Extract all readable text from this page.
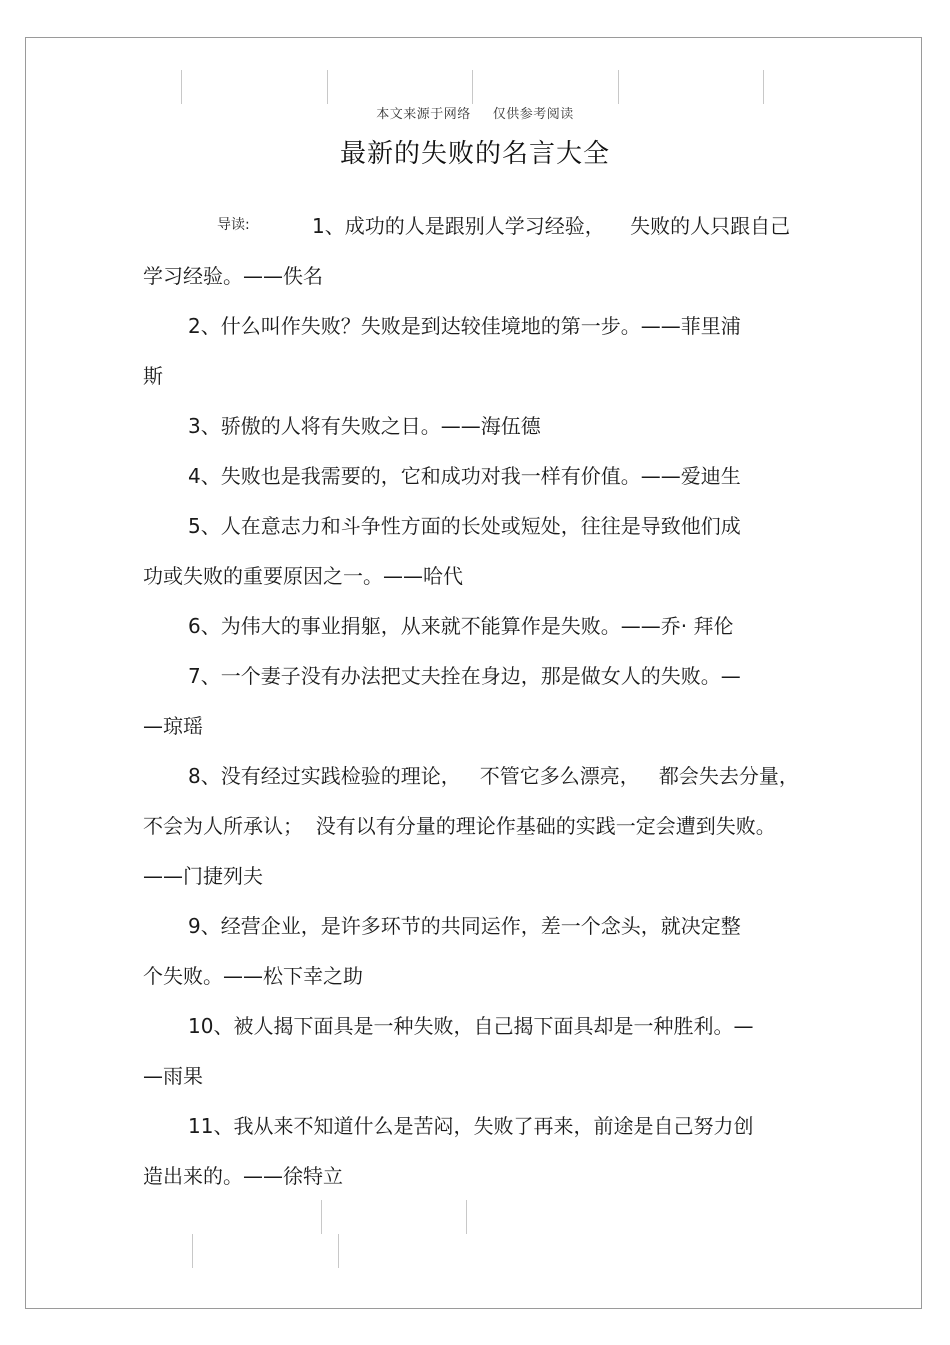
本文来源于网络 仅供参考阅读
最新的失败的名言大全
导读:	1、成功的人是跟别人学习经验，    失败的人只跟自己
学习经验。——佚名
2、什么叫作失败？失败是到达较佳境地的第一步。——菲里浦
斯
3、骄傲的人将有失败之日。——海伍德
4、失败也是我需要的，它和成功对我一样有价值。——爱迪生
5、人在意志力和斗争性方面的长处或短处，往往是导致他们成
功或失败的重要原因之一。——哈代
6、为伟大的事业捐躯，从来就不能算作是失败。——乔· 拜伦
7、一个妻子没有办法把丈夫拴在身边，那是做女人的失败。—
—琼瑶
8、没有经过实践检验的理论，   不管它多么漂亮，   都会失去分量，
不会为人所承认；  没有以有分量的理论作基础的实践一定会遭到失败。
——门捷列夫
9、经营企业，是许多环节的共同运作，差一个念头，就决定整
个失败。——松下幸之助
10、被人揭下面具是一种失败，自己揭下面具却是一种胜利。—
—雨果
11、我从来不知道什么是苦闷，失败了再来，前途是自己努力创
造出来的。——徐特立
